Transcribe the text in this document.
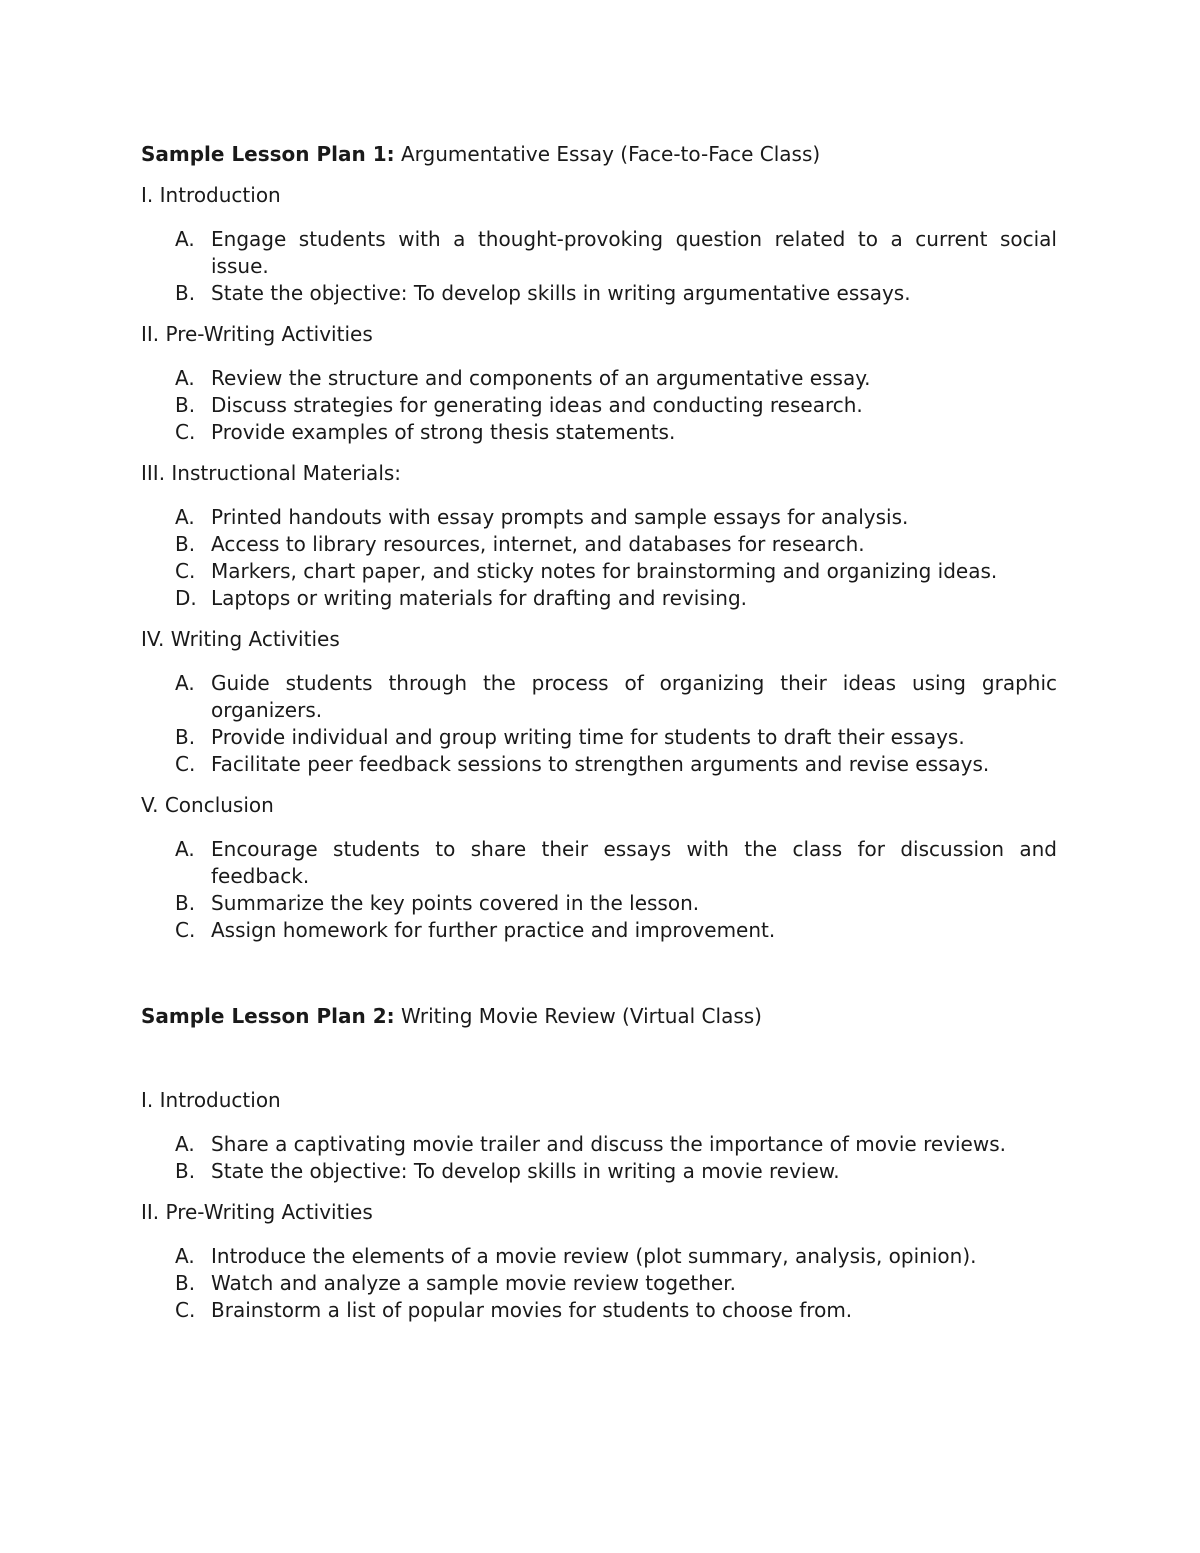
Sample Lesson Plan 1: Argumentative Essay (Face-to-Face Class)

I. Introduction

A. Engage students with a thought-provoking question related to a current social issue.
B. State the objective: To develop skills in writing argumentative essays.

II. Pre-Writing Activities

A. Review the structure and components of an argumentative essay.
B. Discuss strategies for generating ideas and conducting research.
C. Provide examples of strong thesis statements.

III. Instructional Materials:

A. Printed handouts with essay prompts and sample essays for analysis.
B. Access to library resources, internet, and databases for research.
C. Markers, chart paper, and sticky notes for brainstorming and organizing ideas.
D. Laptops or writing materials for drafting and revising.

IV. Writing Activities

A. Guide students through the process of organizing their ideas using graphic organizers.
B. Provide individual and group writing time for students to draft their essays.
C. Facilitate peer feedback sessions to strengthen arguments and revise essays.

V. Conclusion

A. Encourage students to share their essays with the class for discussion and feedback.
B. Summarize the key points covered in the lesson.
C. Assign homework for further practice and improvement.

Sample Lesson Plan 2: Writing Movie Review (Virtual Class)

I. Introduction

A. Share a captivating movie trailer and discuss the importance of movie reviews.
B. State the objective: To develop skills in writing a movie review.

II. Pre-Writing Activities

A. Introduce the elements of a movie review (plot summary, analysis, opinion).
B. Watch and analyze a sample movie review together.
C. Brainstorm a list of popular movies for students to choose from.
